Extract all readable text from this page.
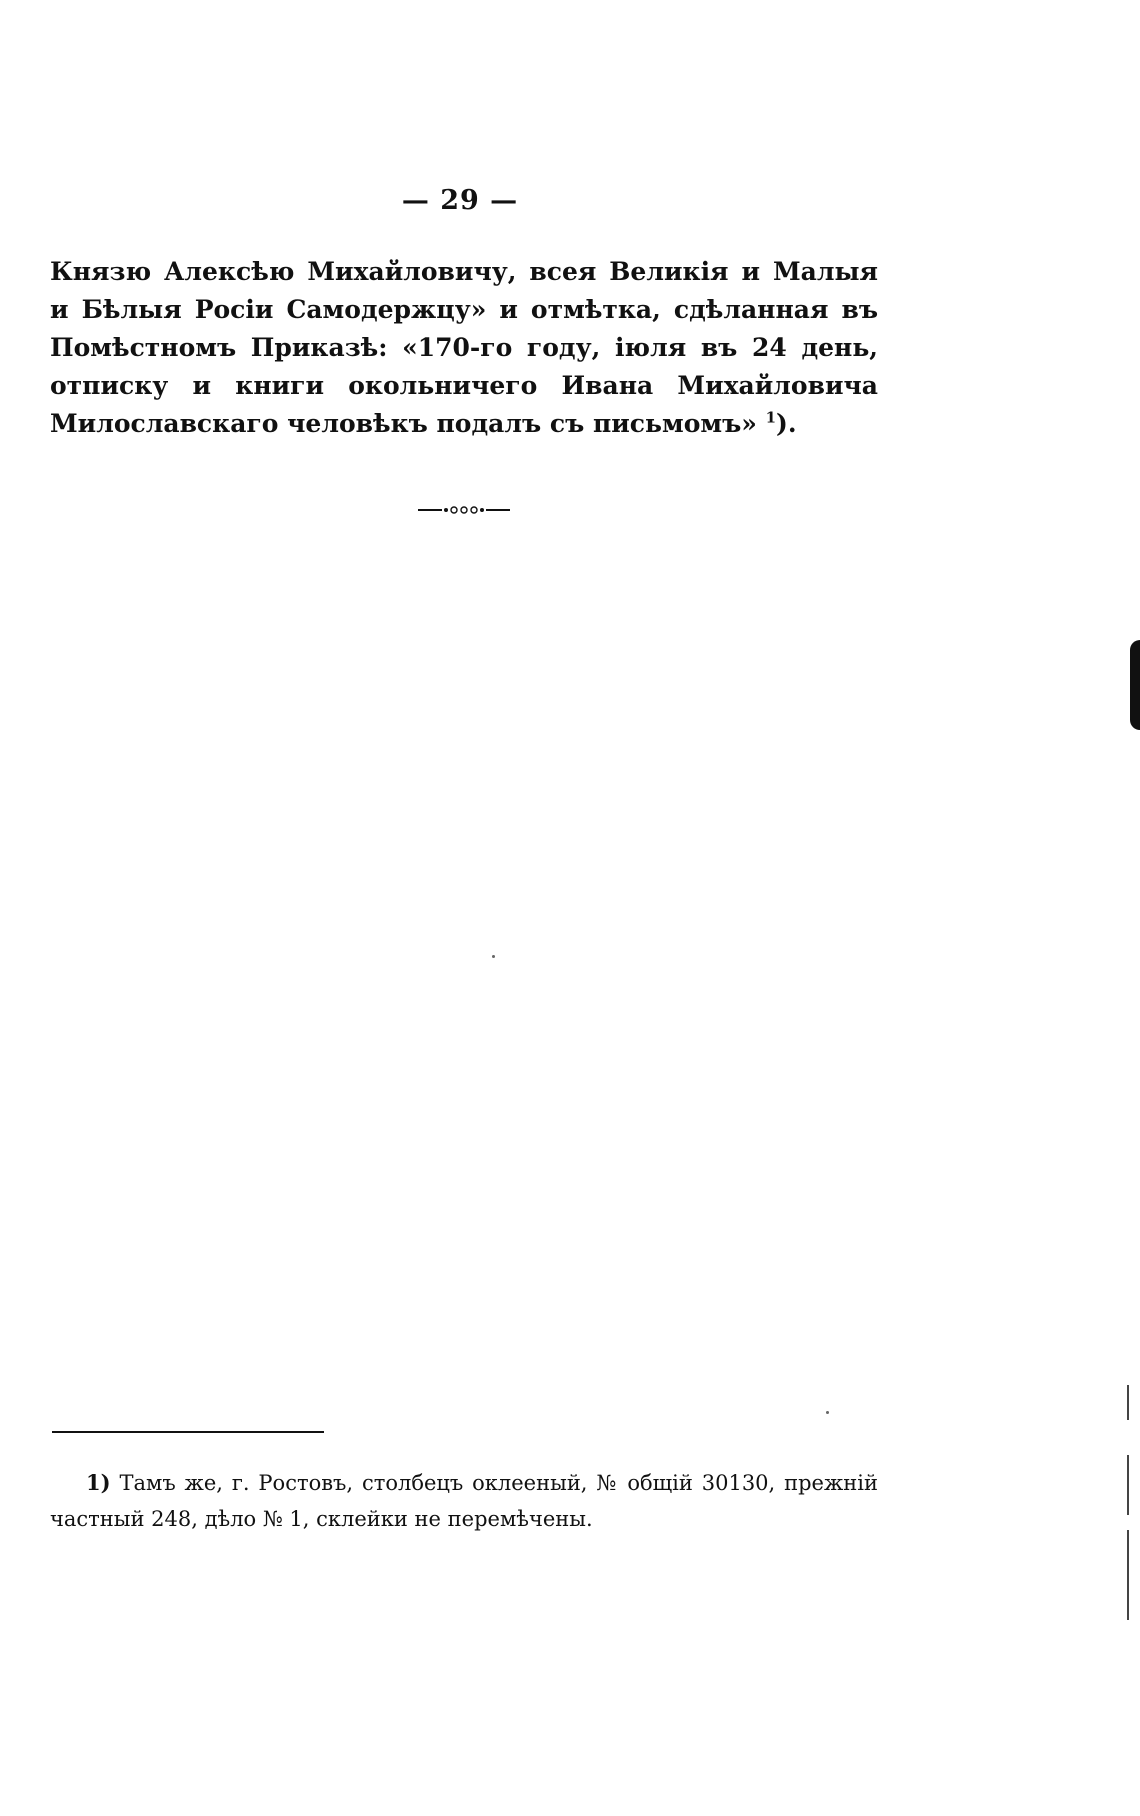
— 29 —
Князю Алексѣю Михайловичу, всея Великія и Малыя и Бѣлыя Росіи Самодержцу» и отмѣтка, сдѣланная въ Помѣстномъ Приказѣ: «170-го году, іюля въ 24 день, отписку и книги окольничего Ивана Михайловича Милославскаго человѣкъ подалъ съ письмомъ» $^1$).
1) Тамъ же, г. Ростовъ, столбецъ оклееный, № общій 30130, прежній частный 248, дѣло № 1, склейки не перемѣчены.
